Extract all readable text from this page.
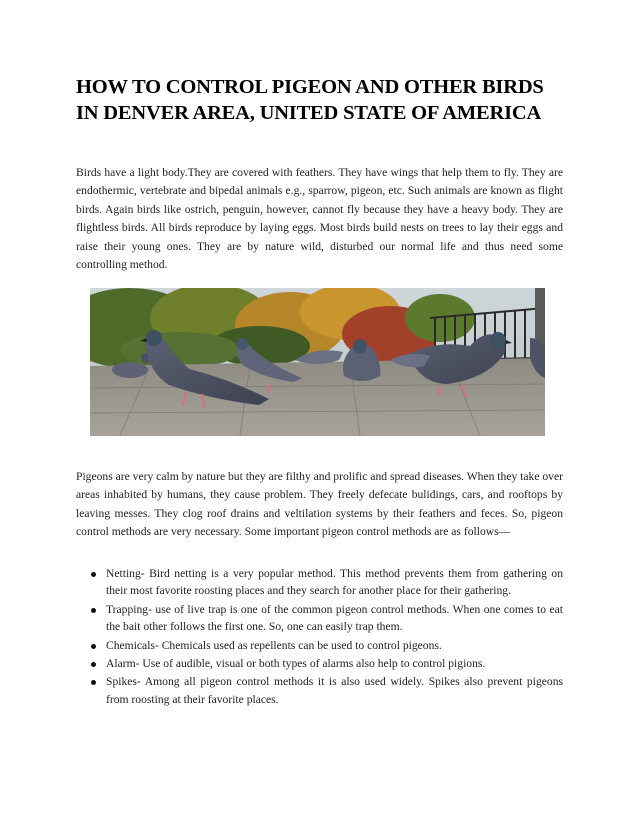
HOW TO CONTROL PIGEON AND OTHER BIRDS IN DENVER AREA, UNITED STATE OF AMERICA
Birds have a light body.They are covered with feathers. They have wings that help them to fly. They are endothermic, vertebrate and bipedal animals e.g., sparrow, pigeon, etc. Such animals are known as flight birds. Again birds like ostrich, penguin, however, cannot fly because they have a heavy body. They are flightless birds. All birds reproduce by laying eggs. Most birds build nests on trees to lay their eggs and raise their young ones. They are by nature wild, disturbed our normal life and thus need some controlling method.
Pigeons are very calm by nature but they are filthy and prolific and spread diseases. When they take over areas inhabited by humans, they cause problem. They freely defecate bulidings, cars, and rooftops by leaving messes. They clog roof drains and veltilation systems by their feathers and feces. So, pigeon control methods are very necessary. Some important pigeon control methods are as follows—
Netting- Bird netting is a very popular method. This method prevents them from gathering on their most favorite roosting places and they search for another place for their gathering.
Trapping- use of live trap is one of the common pigeon control methods. When one comes to eat the bait other follows the first one. So, one can easily trap them.
Chemicals- Chemicals used as repellents can be used to control pigeons.
Alarm- Use of audible, visual or both types of alarms also help to control pigions.
Spikes- Among all pigeon control methods it is also used widely. Spikes also prevent pigeons from roosting at their favorite places.
